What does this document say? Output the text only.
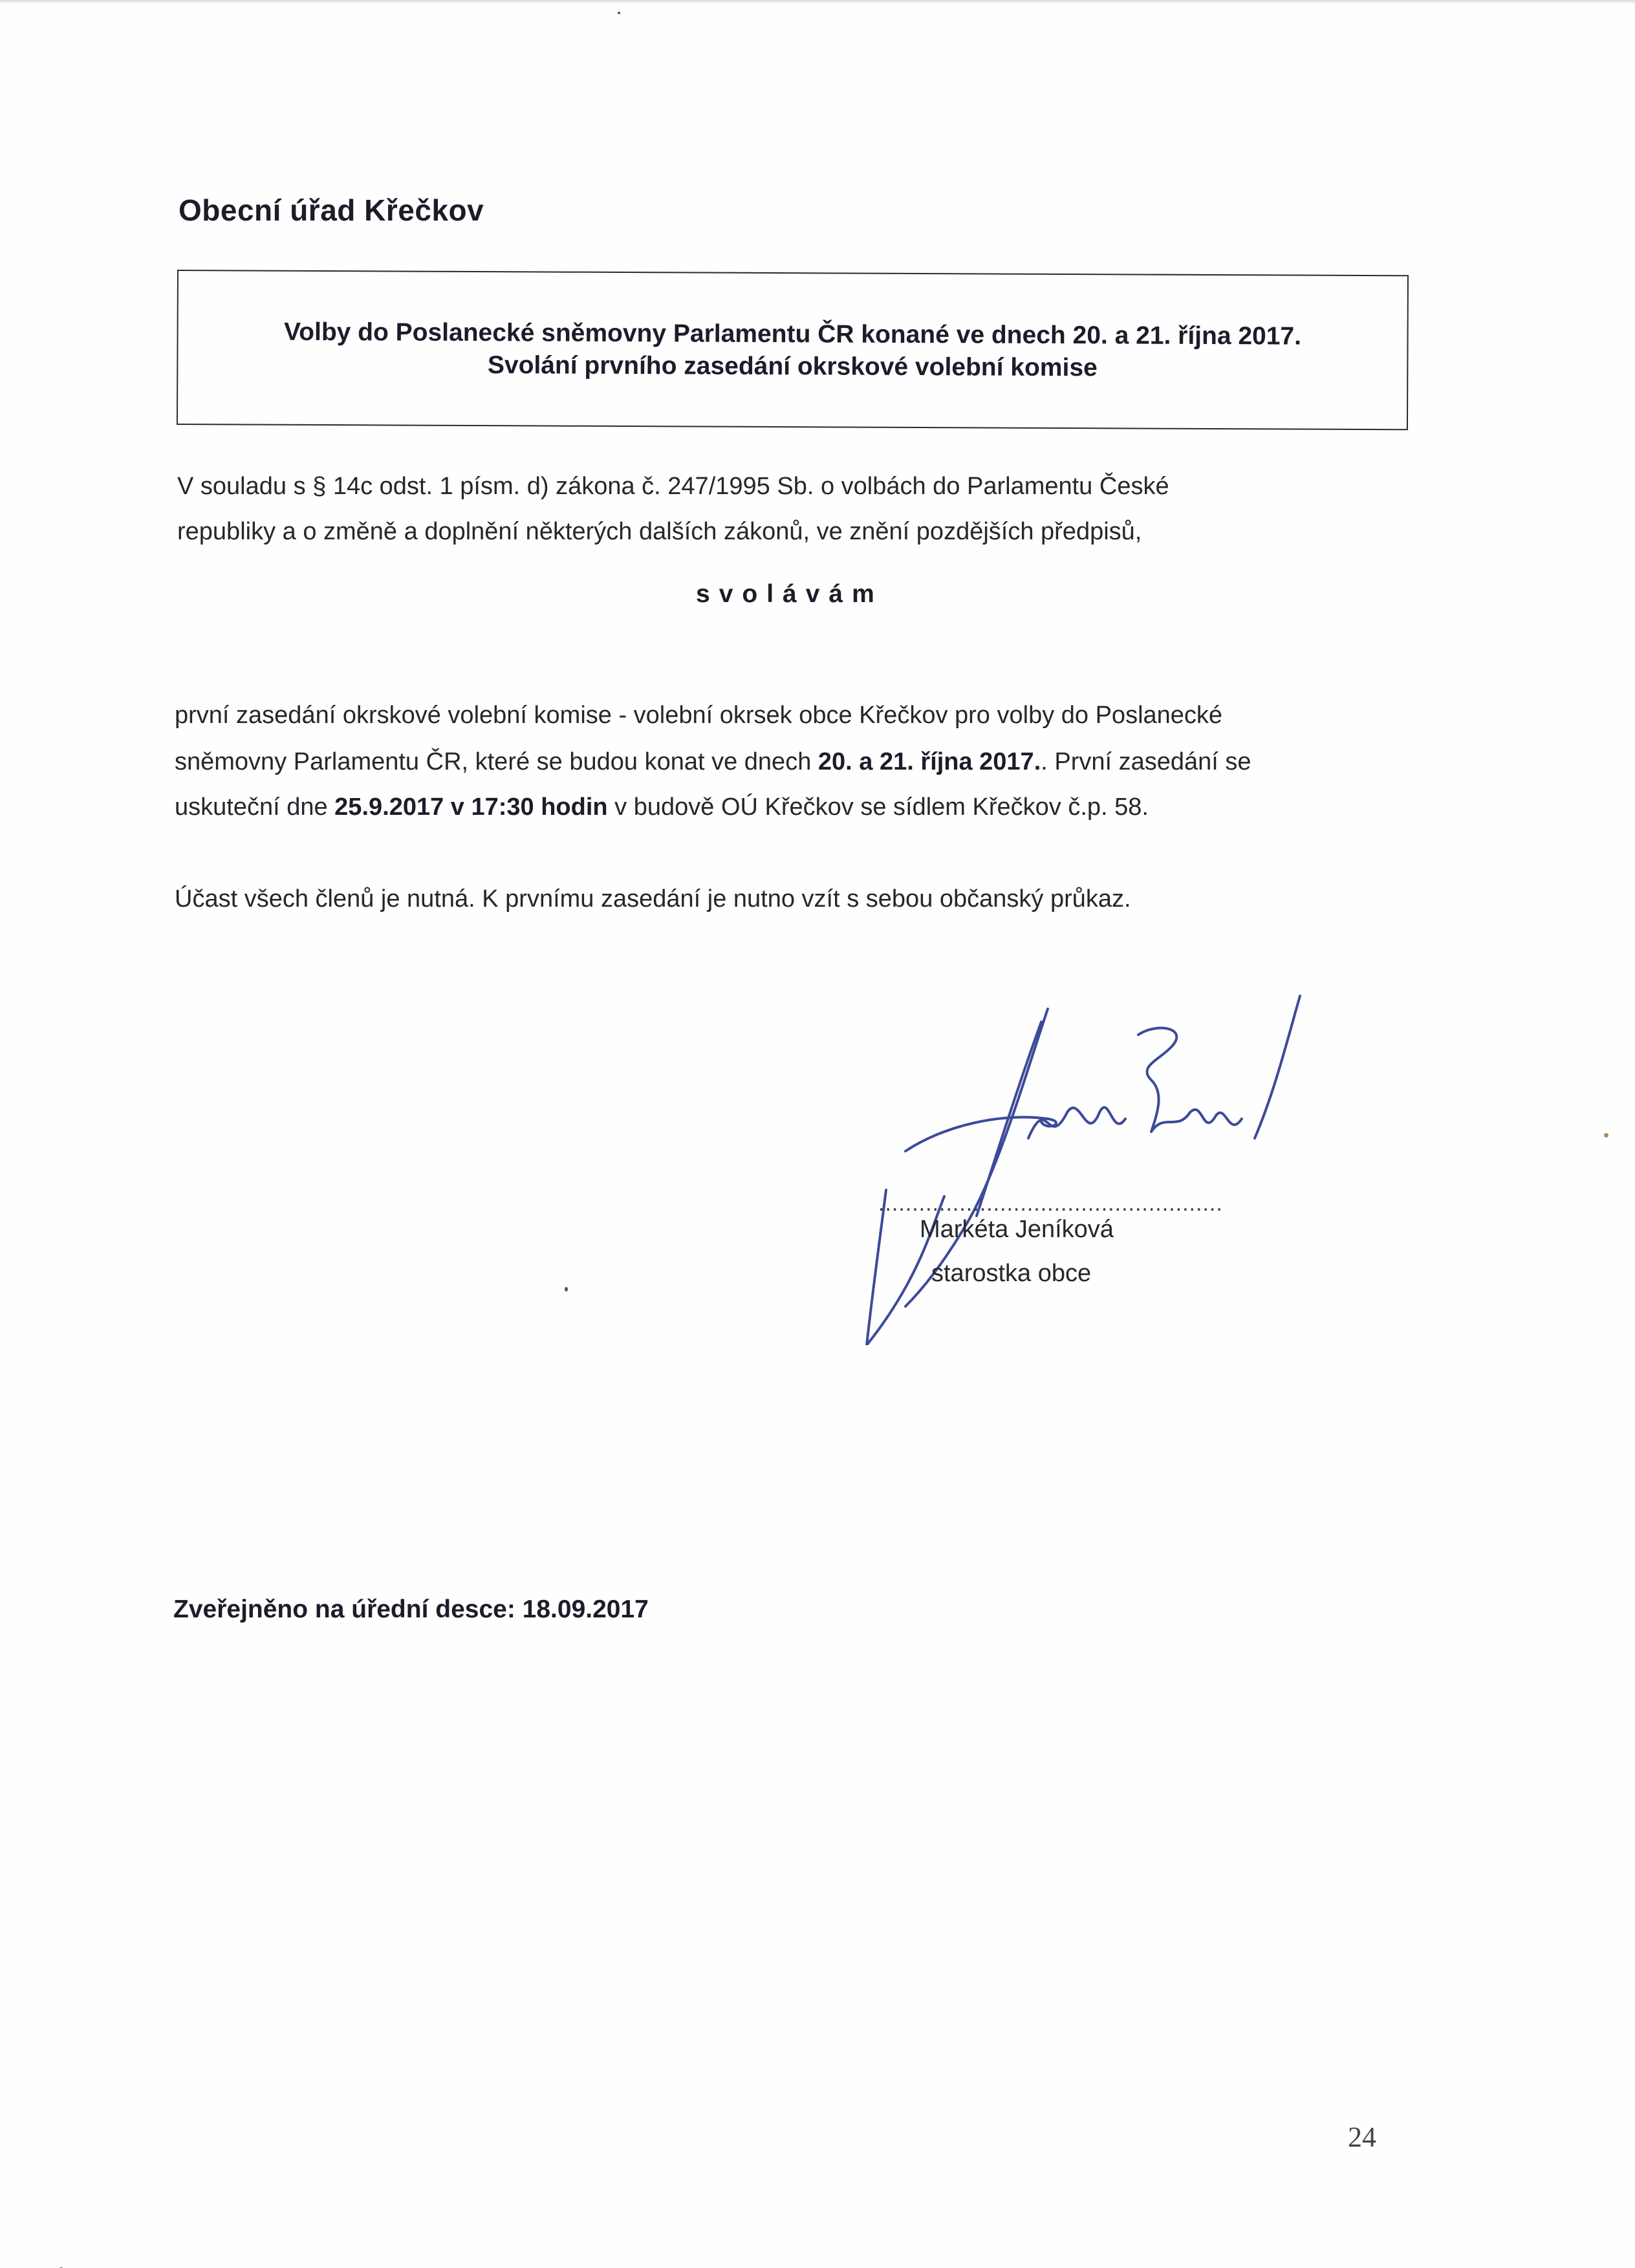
Obecní úřad Křečkov
Volby do Poslanecké sněmovny Parlamentu ČR konané ve dnech 20. a 21. října 2017.
Svolání prvního zasedání okrskové volební komise
V souladu s § 14c odst. 1 písm. d) zákona č. 247/1995 Sb. o volbách do Parlamentu České
republiky a o změně a doplnění některých dalších zákonů, ve znění pozdějších předpisů,
svolávám
první zasedání okrskové volební komise - volební okrsek obce Křečkov pro volby do Poslanecké
sněmovny Parlamentu ČR, které se budou konat ve dnech 20. a 21. října 2017.. První zasedání se
uskuteční dne 25.9.2017 v 17:30 hodin v budově OÚ Křečkov se sídlem Křečkov č.p. 58.
Účast všech členů je nutná. K prvnímu zasedání je nutno vzít s sebou občanský průkaz.
...................................................
Markéta Jeníková
starostka obce
Zveřejněno na úřední desce: 18.09.2017
24
